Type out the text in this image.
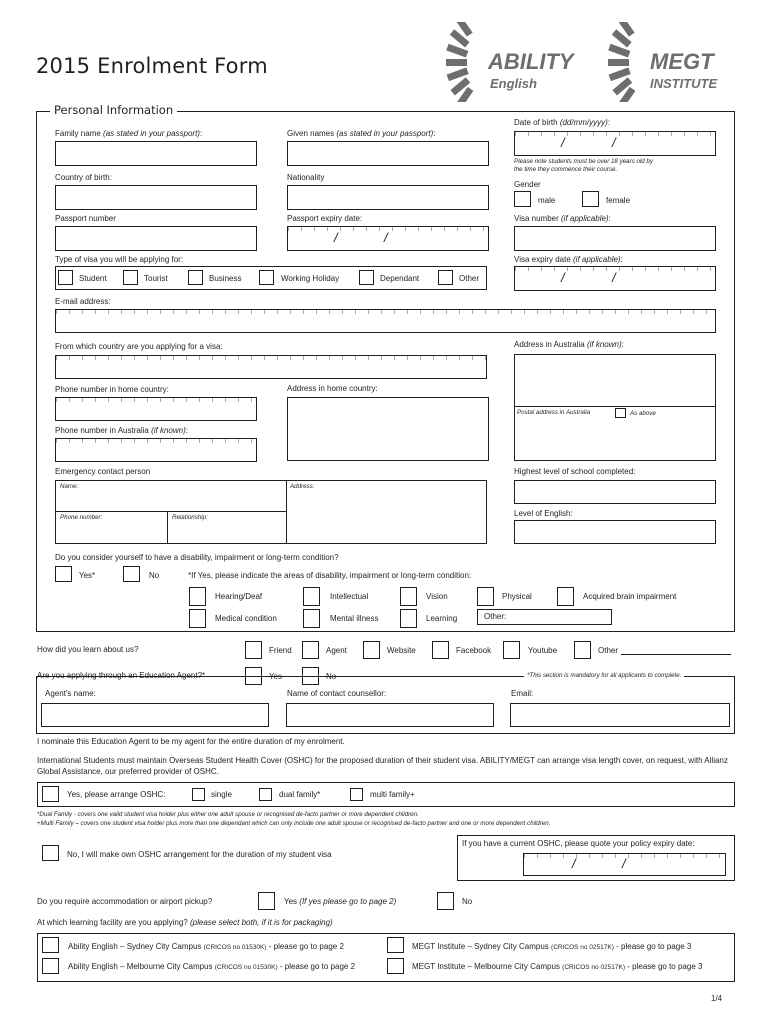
2015 Enrolment Form	ABILITY
English
MEGT
INSTITUTE
Personal Information
Family name (as stated in your passport):	Given names (as stated in your passport):
Date of birth (dd/mm/yyyy):
/	/
Please note students must be over 18 years old by
the time they commence their course.
Country of birth:	Nationality
Gender
male	female
Passport number	Passport expiry date:
/	/
Visa number (if applicable):
Type of visa you will be applying for:
Student	Tourist	Business	Working Holiday	Dependant	Other
Visa expiry date (if applicable):
/	/
E-mail address:
From which country are you applying for a visa:	Address in Australia (if known):
Postal address in Australia	As above
Phone number in home country:	Address in home country:
Phone number in Australia (if known):
Emergency contact person
Name:	Address:
Phone number:	Relationship:
Highest level of school completed:
Level of English:
Do you consider yourself to have a disability, impairment or long-term condition?
Yes*	No	*If Yes, please indicate the areas of disability, impairment or long-term condition:
Hearing/Deaf	Intellectual	Vision	Physical	Acquired brain impairment
Medical condition	Mental illness	Learning	Other:
How did you learn about us?	Friend	Agent	Website	Facebook	Youtube	Other
Are you applying through an Education Agent?*	Yes	No	*This section is mandatory for all applicants to complete.
Agent's name:	Name of contact counsellor:	Email:
I nominate this Education Agent to be my agent for the entire duration of my enrolment.
International Students must maintain Overseas Student Health Cover (OSHC) for the proposed duration of their student visa. ABILITY/MEGT can arrange visa length cover, on request, with Allianz Global Assistance, our preferred provider of OSHC.
Yes, please arrange OSHC:	single	dual family*	multi family+
*Dual Family - covers one valid student visa holder plus either one adult spouse or recognised de-facto partner or more dependent children.
+Multi Family – covers one student visa holder plus more than one dependant which can only include one adult spouse or recognised de-facto partner and one or more dependent children.
No, I will make own OSHC arrangement for the duration of my student visa
If you have a current OSHC, please quote your policy expiry date:
/	/
Do you require accommodation or airport pickup?	Yes (If yes please go to page 2)	No
At which learning facility are you applying? (please select both, if it is for packaging)
Ability English – Sydney City Campus (CRICOS no 01530K) - please go to page 2	MEGT Institute – Sydney City Campus (CRICOS no 02517K) - please go to page 3
Ability English – Melbourne City Campus (CRICOS no 01530K) - please go to page 2	MEGT Institute – Melbourne City Campus (CRICOS no 02517K) - please go to page 3
1/4
